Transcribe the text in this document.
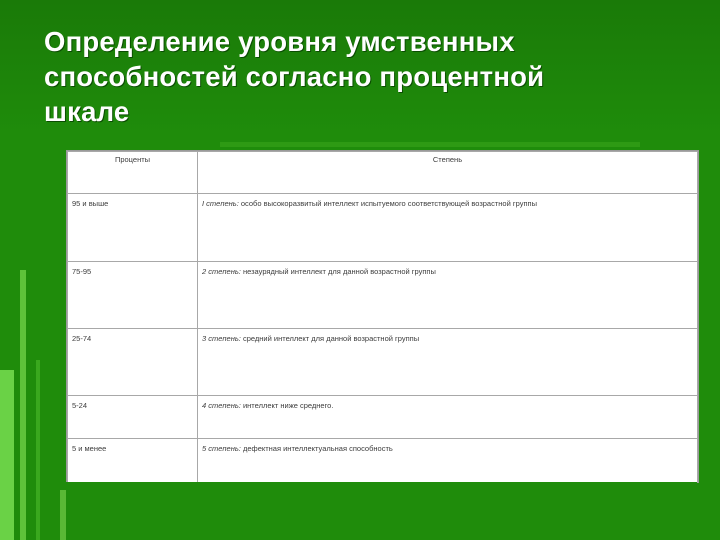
Определение уровня умственных
способностей согласно процентной
шкале
Проценты	Степень
95 и выше	I степень: особо высокоразвитый интеллект испытуемого соответствующей возрастной группы
75-95	2 степень: незаурядный интеллект для данной возрастной группы
25-74	3 степень: средний интеллект для данной возрастной группы
5-24	4 степень: интеллект ниже среднего.
5 и менее	5 степень: дефектная интеллектуальная способность
